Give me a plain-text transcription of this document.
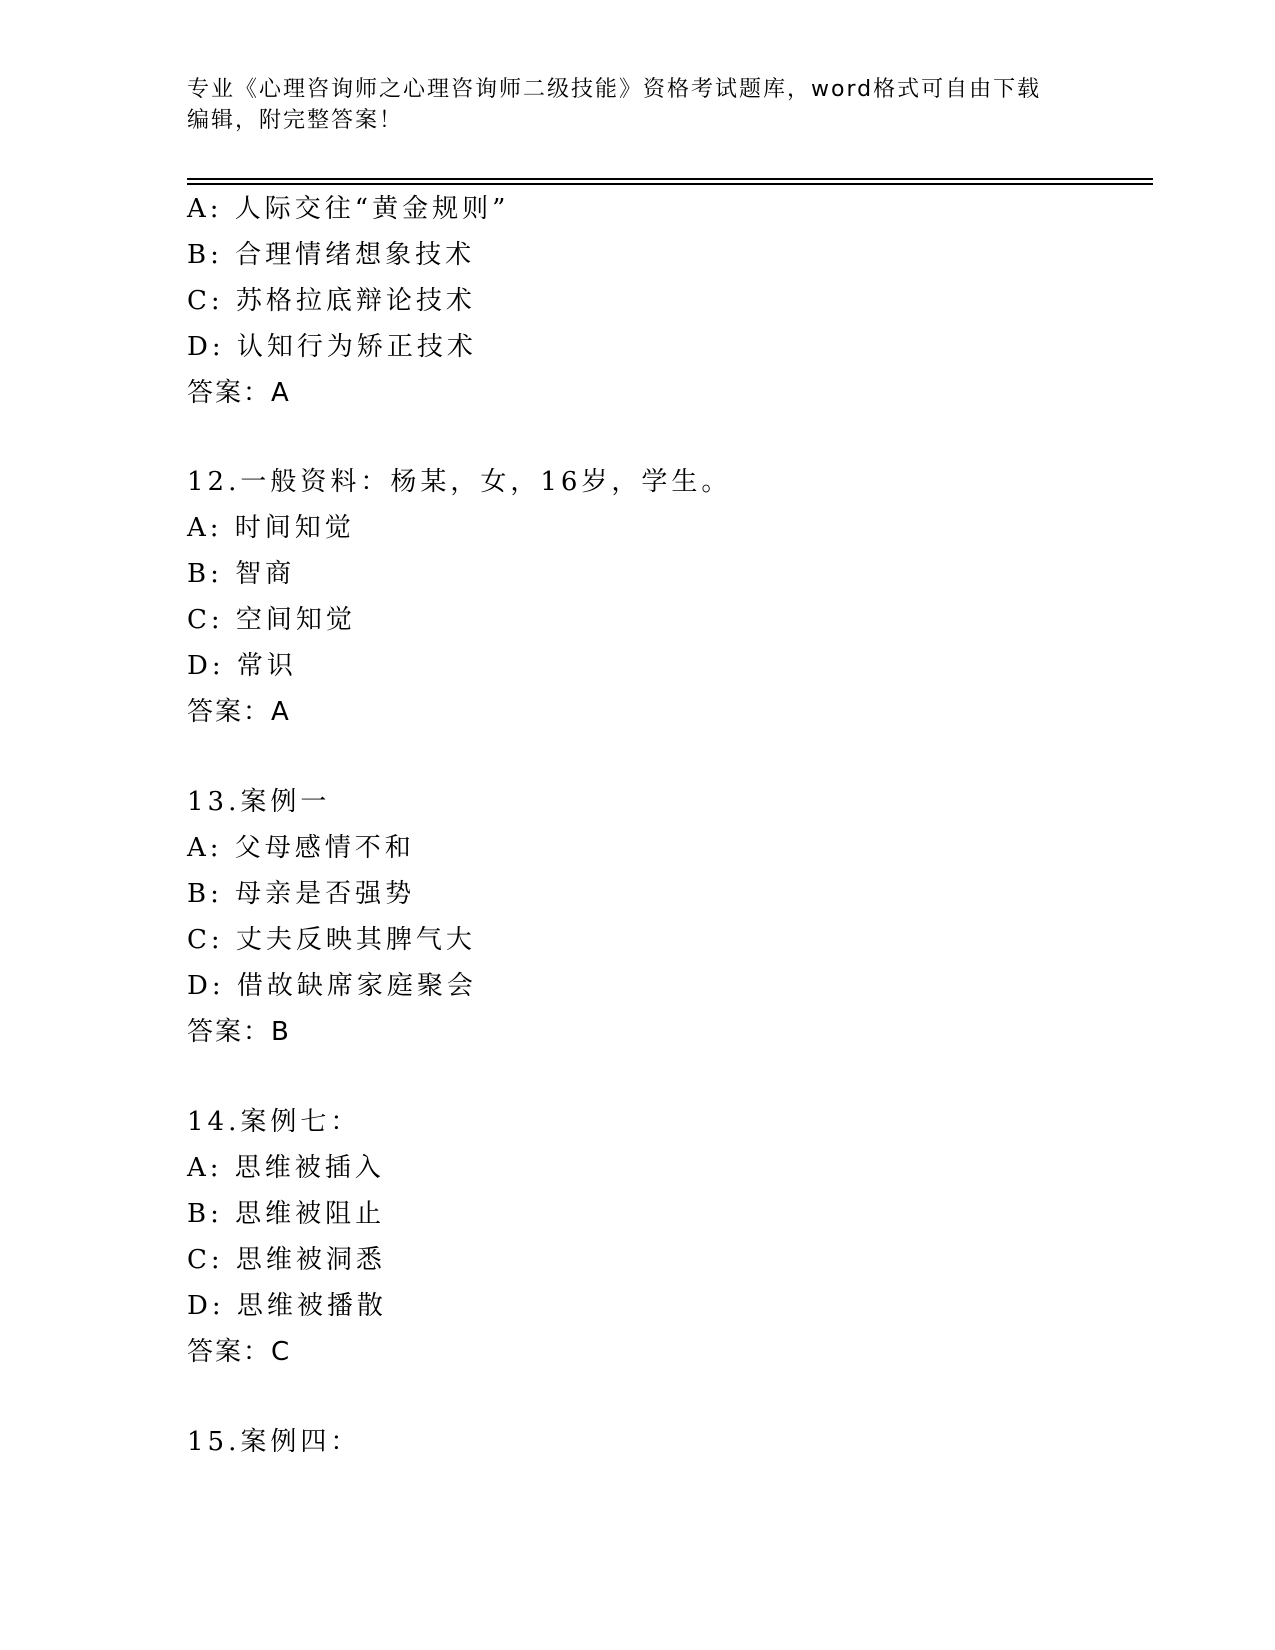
专业《心理咨询师之心理咨询师二级技能》资格考试题库，word格式可自由下载
编辑，附完整答案！
A: 人际交往“黄金规则”
B: 合理情绪想象技术
C: 苏格拉底辩论技术
D: 认知行为矫正技术
答案：A
12.一般资料：杨某，女，16岁，学生。
A: 时间知觉
B: 智商
C: 空间知觉
D: 常识
答案：A
13.案例一
A: 父母感情不和
B: 母亲是否强势
C: 丈夫反映其脾气大
D: 借故缺席家庭聚会
答案：B
14.案例七：
A: 思维被插入
B: 思维被阻止
C: 思维被洞悉
D: 思维被播散
答案：C
15.案例四：
